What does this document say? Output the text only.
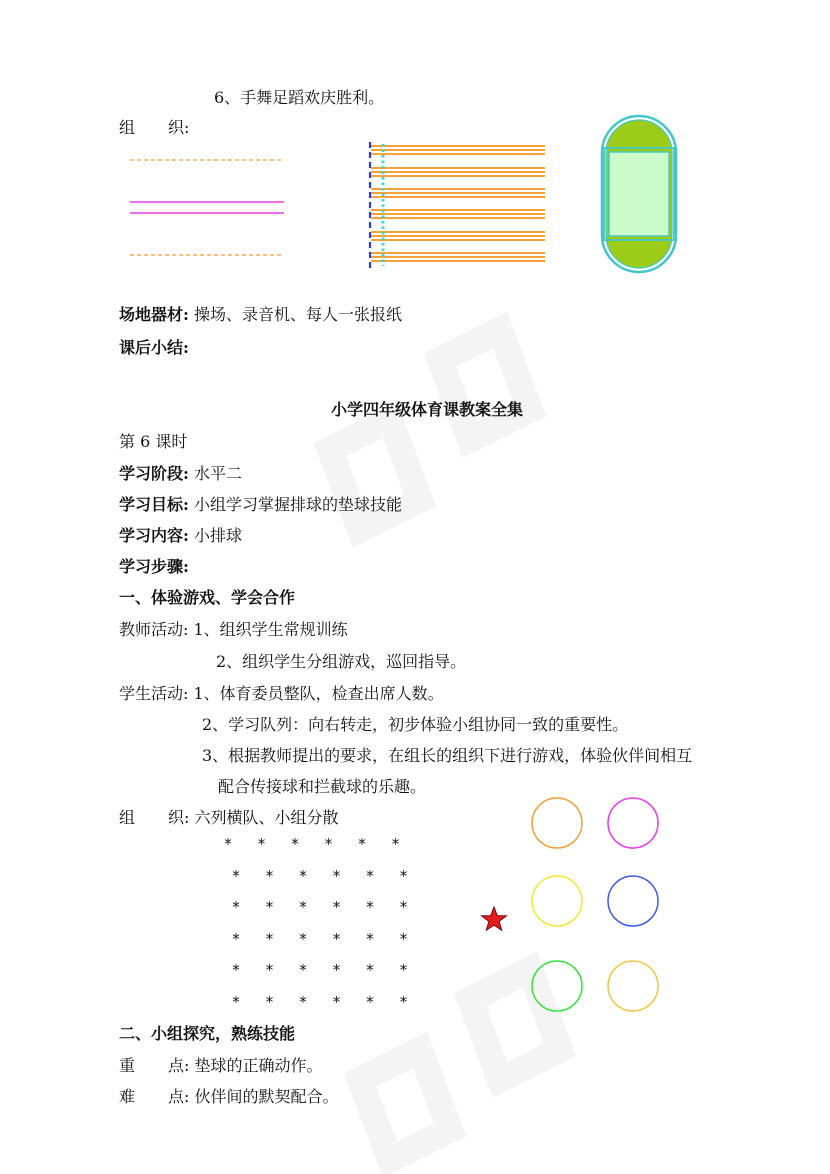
6、手舞足蹈欢庆胜利。
组 织:
场地器材: 操场、录音机、每人一张报纸
课后小结:
小学四年级体育课教案全集
第 6 课时
学习阶段: 水平二
学习目标: 小组学习掌握排球的垫球技能
学习内容: 小排球
学习步骤:
一、体验游戏、学会合作
教师活动: 1、组织学生常规训练
2、组织学生分组游戏，巡回指导。
学生活动: 1、体育委员整队，检查出席人数。
2、学习队列：向右转走，初步体验小组协同一致的重要性。
3、根据教师提出的要求，在组长的组织下进行游戏，体验伙伴间相互
配合传接球和拦截球的乐趣。
组 织: 六列横队、小组分散
* * * * * *
* * * * * *
* * * * * *
* * * * * *
* * * * * *
* * * * * *
二、小组探究，熟练技能
重 点: 垫球的正确动作。
难 点: 伙伴间的默契配合。
